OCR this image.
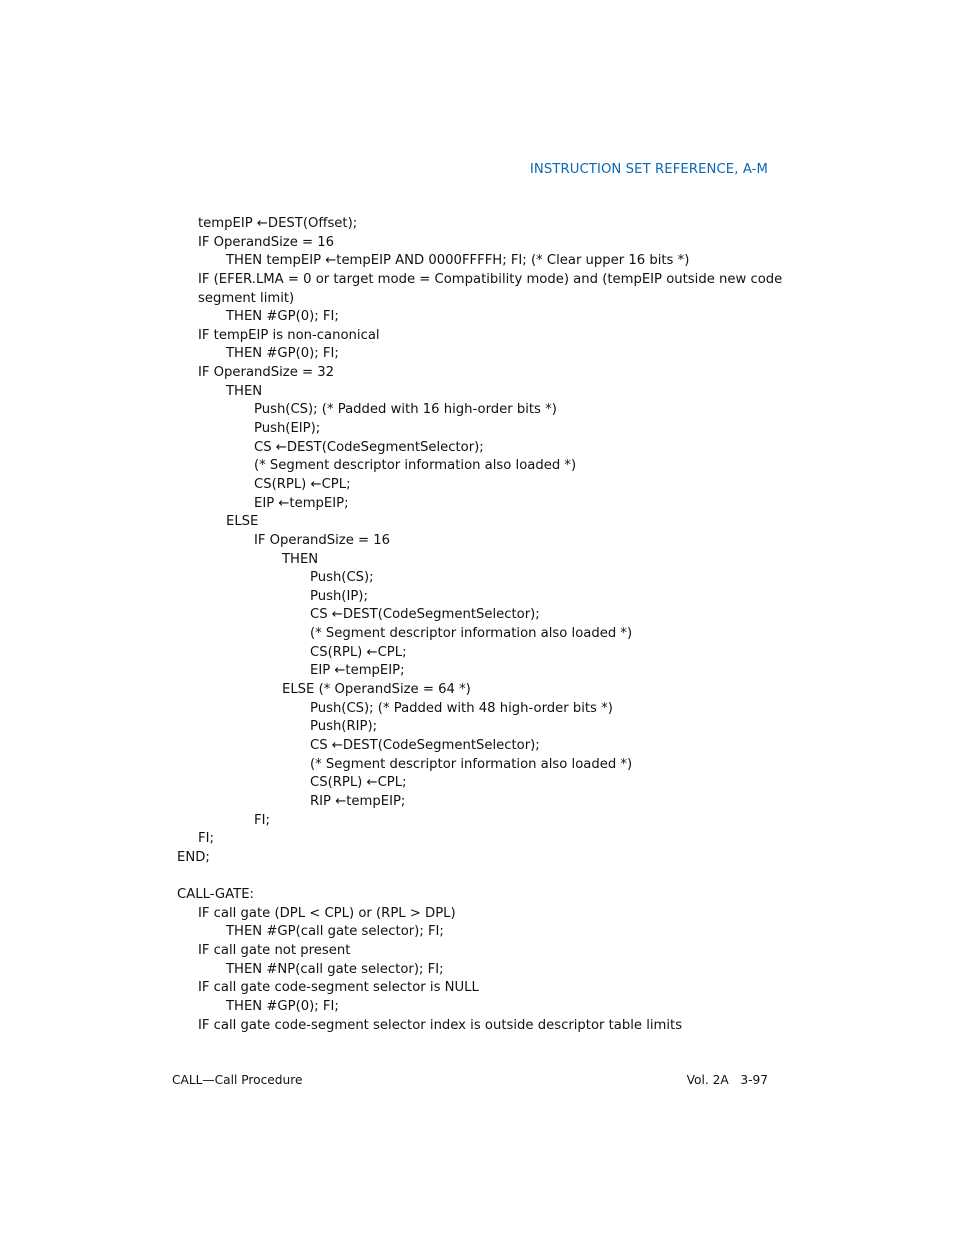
INSTRUCTION SET REFERENCE, A-M
tempEIP ←DEST(Offset);
IF OperandSize = 16
THEN tempEIP ←tempEIP AND 0000FFFFH; FI; (* Clear upper 16 bits *)
IF (EFER.LMA = 0 or target mode = Compatibility mode) and (tempEIP outside new code
segment limit)
THEN #GP(0); FI;
IF tempEIP is non-canonical
THEN #GP(0); FI;
IF OperandSize = 32
THEN
Push(CS); (* Padded with 16 high-order bits *)
Push(EIP);
CS ←DEST(CodeSegmentSelector);
(* Segment descriptor information also loaded *)
CS(RPL) ←CPL;
EIP ←tempEIP;
ELSE
IF OperandSize = 16
THEN
Push(CS);
Push(IP);
CS ←DEST(CodeSegmentSelector);
(* Segment descriptor information also loaded *)
CS(RPL) ←CPL;
EIP ←tempEIP;
ELSE (* OperandSize = 64 *)
Push(CS); (* Padded with 48 high-order bits *)
Push(RIP);
CS ←DEST(CodeSegmentSelector);
(* Segment descriptor information also loaded *)
CS(RPL) ←CPL;
RIP ←tempEIP;
FI;
FI;
END;
CALL-GATE:
IF call gate (DPL < CPL) or (RPL > DPL)
THEN #GP(call gate selector); FI;
IF call gate not present
THEN #NP(call gate selector); FI;
IF call gate code-segment selector is NULL
THEN #GP(0); FI;
IF call gate code-segment selector index is outside descriptor table limits
CALL—Call Procedure	Vol. 2A   3-97
